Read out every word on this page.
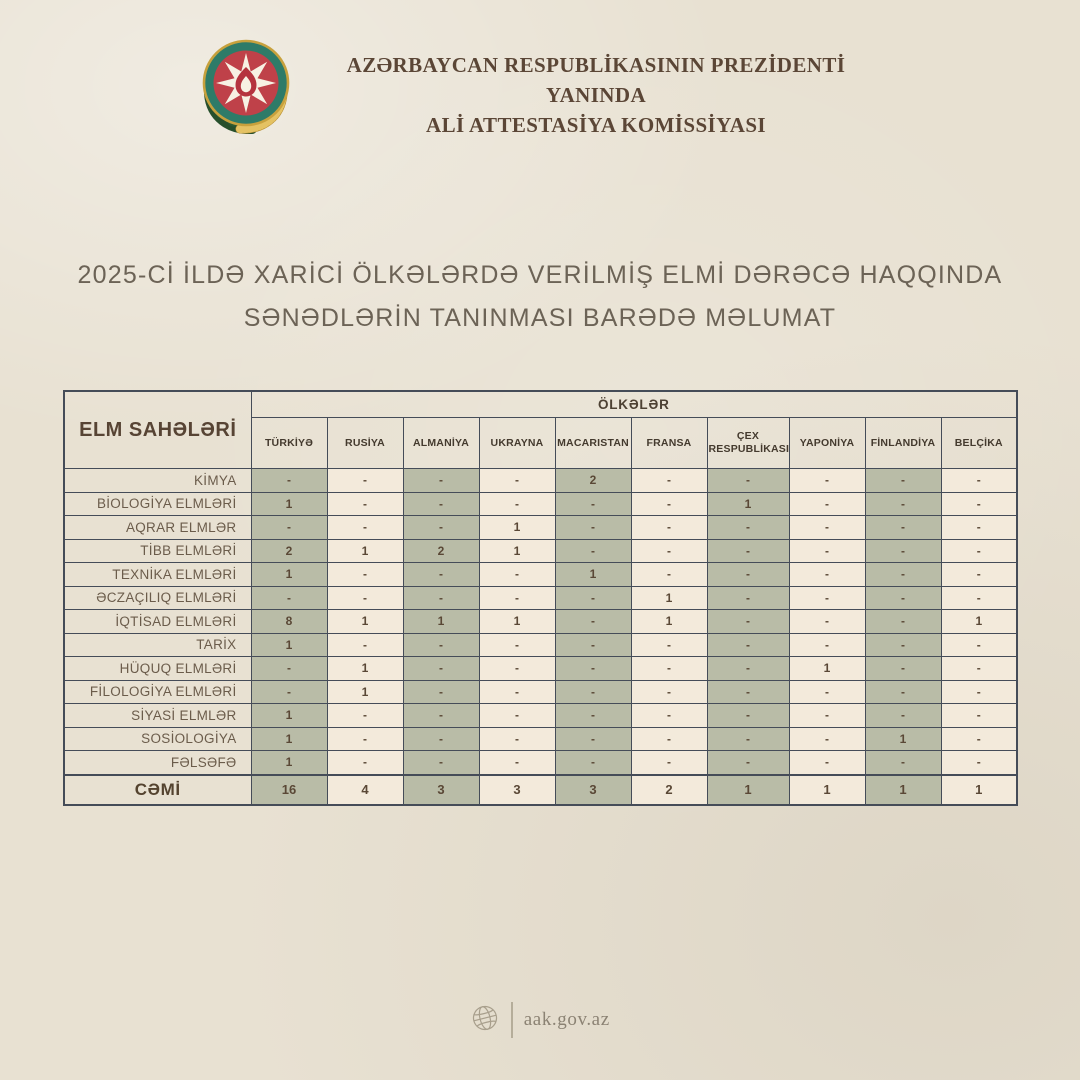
AZƏRBAYCAN RESPUBLİKASININ PREZİDENTİ YANINDA
ALİ ATTESTASİYA KOMİSSİYASI
2025-Cİ İLDƏ XARİCİ ÖLKƏLƏRDƏ VERİLMİŞ ELMİ DƏRƏCƏ HAQQINDA
SƏNƏDLƏRİN TANINMASI BARƏDƏ MƏLUMAT
ELM SAHƏLƏRİ	ÖLKƏLƏR									
	TÜRKİYƏ	RUSİYA	ALMANİYA	UKRAYNA	MACARISTAN	FRANSA	ÇEX RESPUBLİKASI	YAPONİYA	FİNLANDİYA	BELÇİKA
KİMYA	-	-	-	-	2	-	-	-	-	-
BİOLOGİYA ELMLƏRİ	1	-	-	-	-	-	1	-	-	-
AQRAR ELMLƏR	-	-	-	1	-	-	-	-	-	-
TİBB ELMLƏRİ	2	1	2	1	-	-	-	-	-	-
TEXNİKA ELMLƏRİ	1	-	-	-	1	-	-	-	-	-
ƏCZAÇILIQ ELMLƏRİ	-	-	-	-	-	1	-	-	-	-
İQTİSAD ELMLƏRİ	8	1	1	1	-	1	-	-	-	1
TARİX	1	-	-	-	-	-	-	-	-	-
HÜQUQ ELMLƏRİ	-	1	-	-	-	-	-	1	-	-
FİLOLOGİYA ELMLƏRİ	-	1	-	-	-	-	-	-	-	-
SİYASİ ELMLƏR	1	-	-	-	-	-	-	-	-	-
SOSİOLOGİYA	1	-	-	-	-	-	-	-	1	-
FƏLSƏFƏ	1	-	-	-	-	-	-	-	-	-
CƏMİ	16	4	3	3	3	2	1	1	1	1
aak.gov.az
